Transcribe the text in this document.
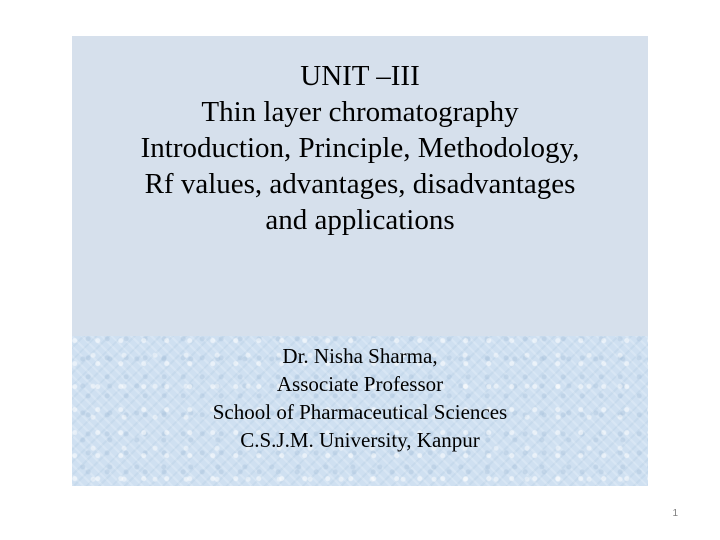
UNIT –III
Thin layer chromatography
Introduction, Principle, Methodology,
Rf values, advantages, disadvantages
and applications
Dr. Nisha Sharma,
Associate Professor
School of Pharmaceutical Sciences
C.S.J.M. University, Kanpur
1
